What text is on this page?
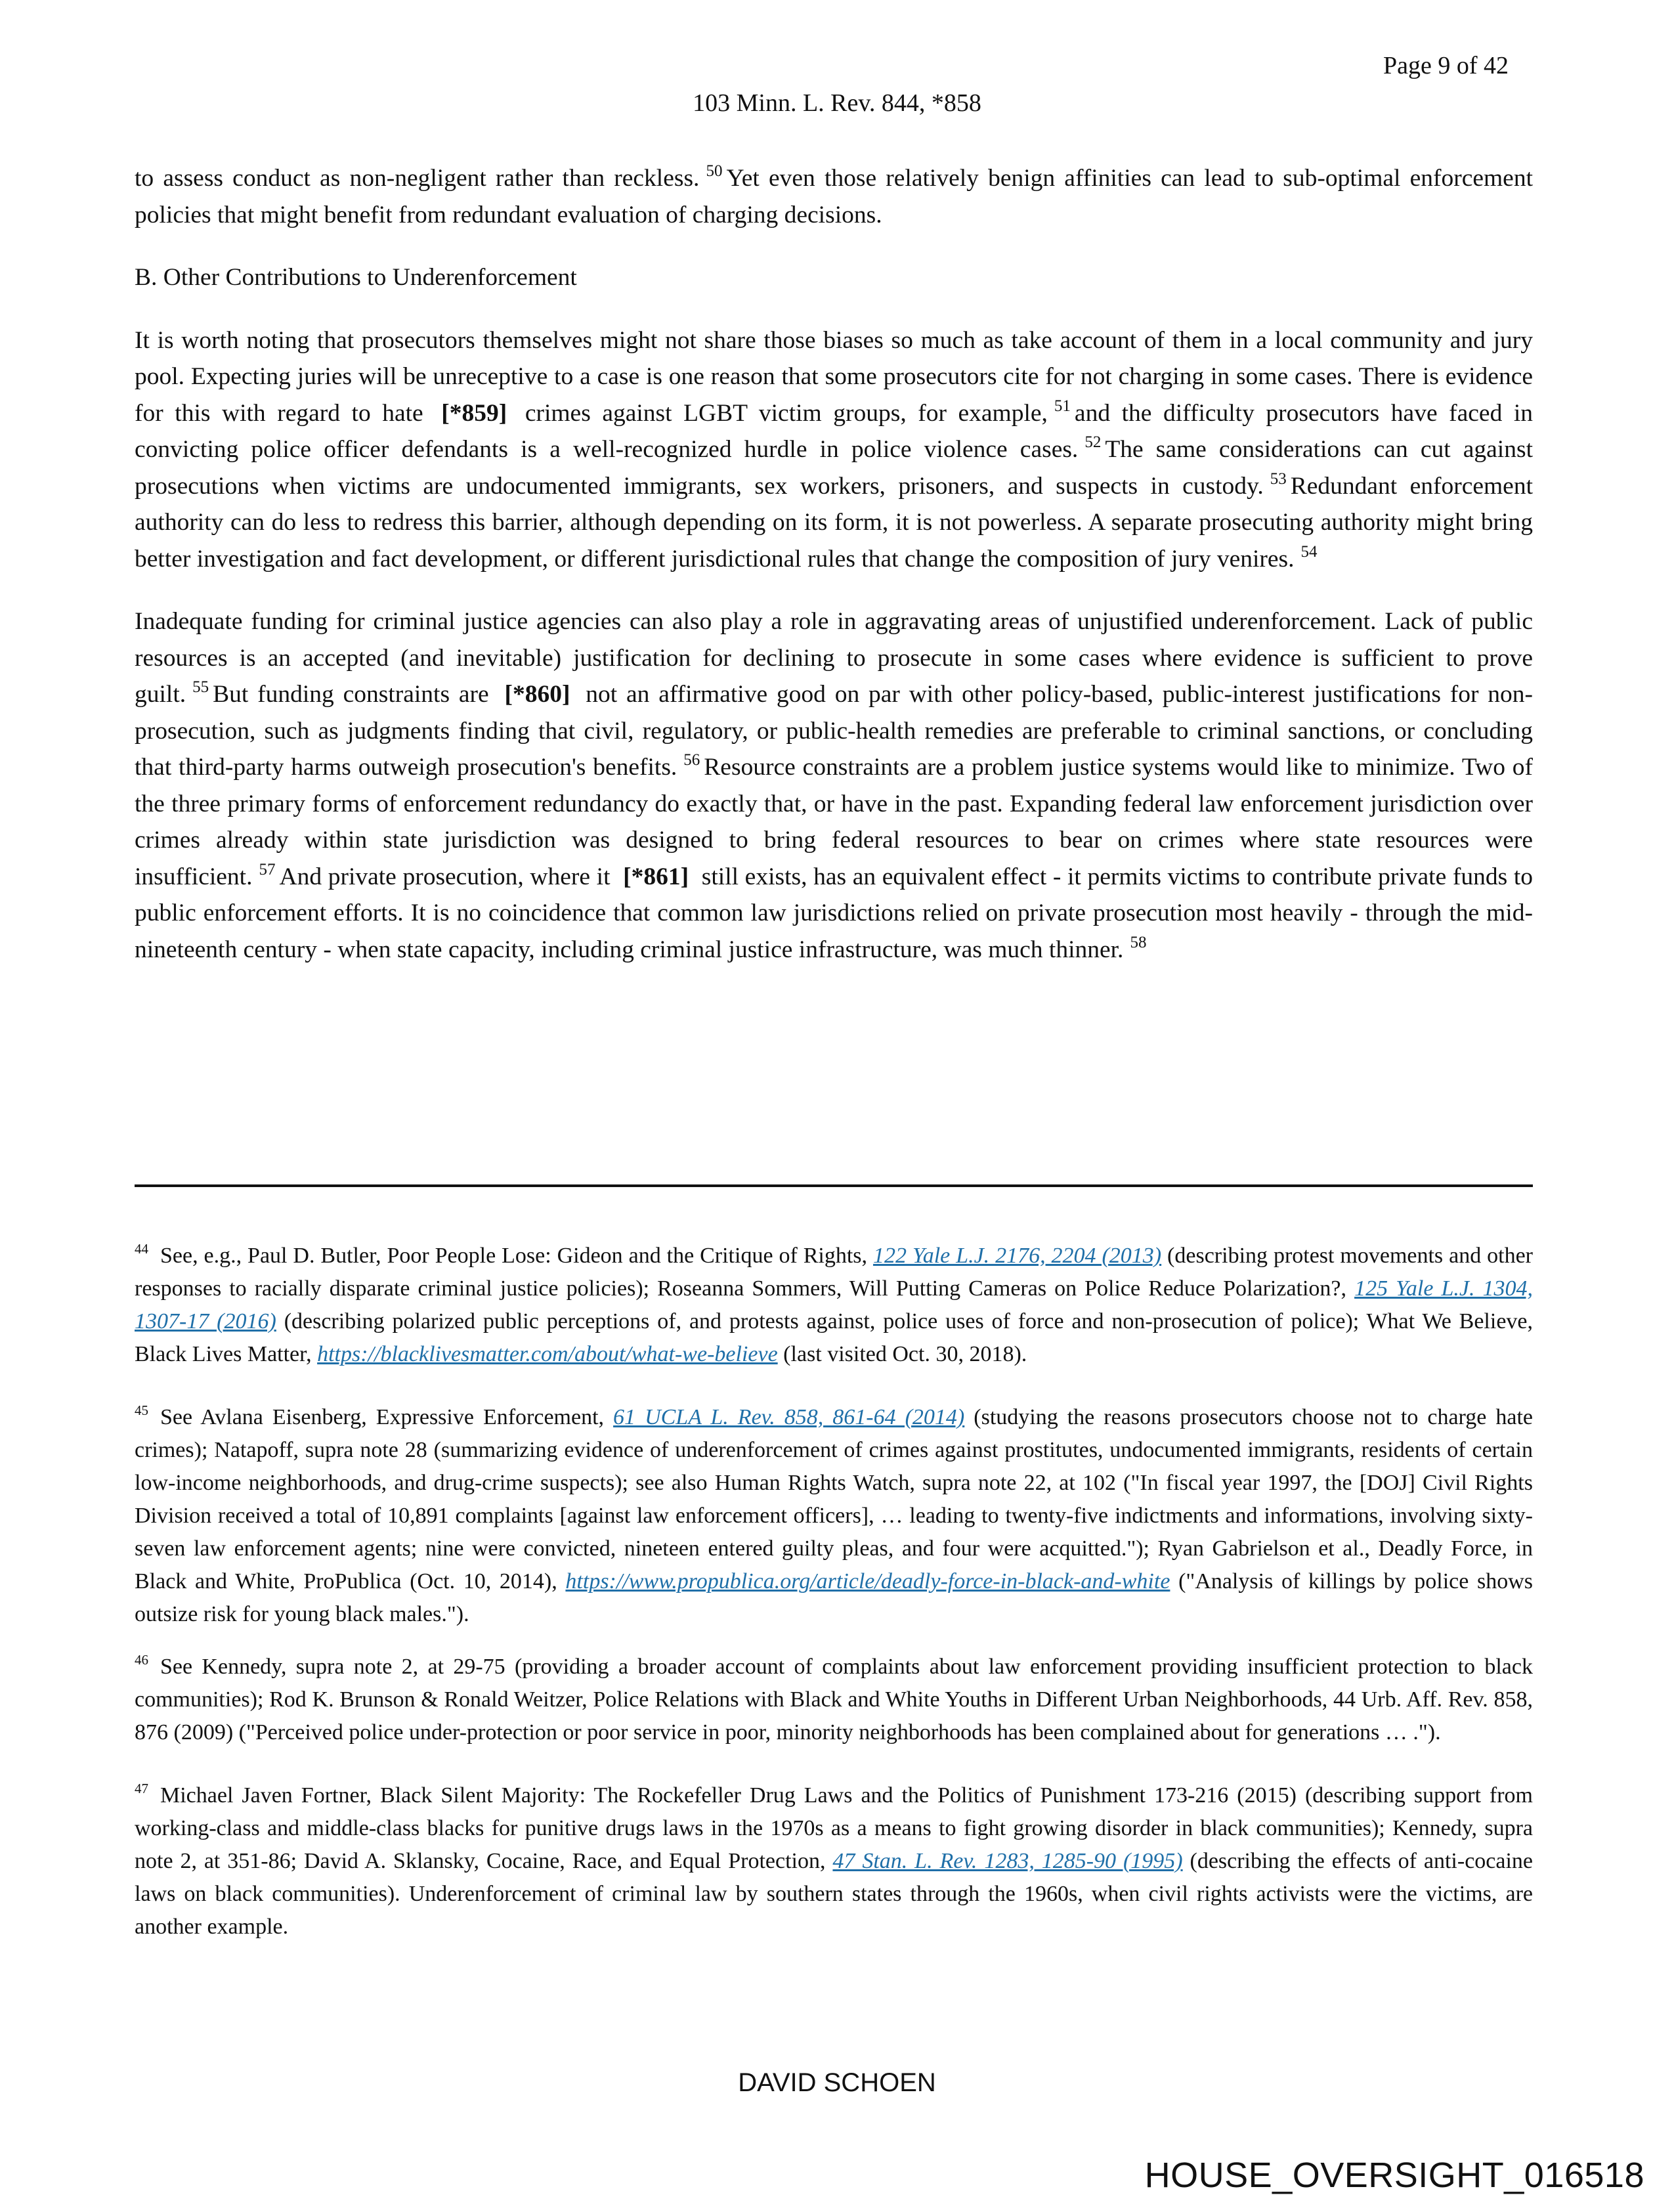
Page 9 of 42
103 Minn. L. Rev. 844, *858

to assess conduct as non-negligent rather than reckless. $^{50}$ Yet even those relatively benign affinities can lead to sub-optimal enforcement policies that might benefit from redundant evaluation of charging decisions.

B. Other Contributions to Underenforcement

It is worth noting that prosecutors themselves might not share those biases so much as take account of them in a local community and jury pool. Expecting juries will be unreceptive to a case is one reason that some prosecutors cite for not charging in some cases. There is evidence for this with regard to hate [*859] crimes against LGBT victim groups, for example, $^{51}$ and the difficulty prosecutors have faced in convicting police officer defendants is a well-recognized hurdle in police violence cases. $^{52}$ The same considerations can cut against prosecutions when victims are undocumented immigrants, sex workers, prisoners, and suspects in custody. $^{53}$ Redundant enforcement authority can do less to redress this barrier, although depending on its form, it is not powerless. A separate prosecuting authority might bring better investigation and fact development, or different jurisdictional rules that change the composition of jury venires. $^{54}$

Inadequate funding for criminal justice agencies can also play a role in aggravating areas of unjustified underenforcement. Lack of public resources is an accepted (and inevitable) justification for declining to prosecute in some cases where evidence is sufficient to prove guilt. $^{55}$ But funding constraints are [*860] not an affirmative good on par with other policy-based, public-interest justifications for non-prosecution, such as judgments finding that civil, regulatory, or public-health remedies are preferable to criminal sanctions, or concluding that third-party harms outweigh prosecution's benefits. $^{56}$ Resource constraints are a problem justice systems would like to minimize. Two of the three primary forms of enforcement redundancy do exactly that, or have in the past. Expanding federal law enforcement jurisdiction over crimes already within state jurisdiction was designed to bring federal resources to bear on crimes where state resources were insufficient. $^{57}$ And private prosecution, where it [*861] still exists, has an equivalent effect - it permits victims to contribute private funds to public enforcement efforts. It is no coincidence that common law jurisdictions relied on private prosecution most heavily - through the mid-nineteenth century - when state capacity, including criminal justice infrastructure, was much thinner. $^{58}$

$^{44}$ See, e.g., Paul D. Butler, Poor People Lose: Gideon and the Critique of Rights, 122 Yale L.J. 2176, 2204 (2013) (describing protest movements and other responses to racially disparate criminal justice policies); Roseanna Sommers, Will Putting Cameras on Police Reduce Polarization?, 125 Yale L.J. 1304, 1307-17 (2016) (describing polarized public perceptions of, and protests against, police uses of force and non-prosecution of police); What We Believe, Black Lives Matter, https://blacklivesmatter.com/about/what-we-believe (last visited Oct. 30, 2018).
$^{45}$ See Avlana Eisenberg, Expressive Enforcement, 61 UCLA L. Rev. 858, 861-64 (2014) (studying the reasons prosecutors choose not to charge hate crimes); Natapoff, supra note 28 (summarizing evidence of underenforcement of crimes against prostitutes, undocumented immigrants, residents of certain low-income neighborhoods, and drug-crime suspects); see also Human Rights Watch, supra note 22, at 102 ("In fiscal year 1997, the [DOJ] Civil Rights Division received a total of 10,891 complaints [against law enforcement officers], … leading to twenty-five indictments and informations, involving sixty-seven law enforcement agents; nine were convicted, nineteen entered guilty pleas, and four were acquitted."); Ryan Gabrielson et al., Deadly Force, in Black and White, ProPublica (Oct. 10, 2014), https://www.propublica.org/article/deadly-force-in-black-and-white ("Analysis of killings by police shows outsize risk for young black males.").
$^{46}$ See Kennedy, supra note 2, at 29-75 (providing a broader account of complaints about law enforcement providing insufficient protection to black communities); Rod K. Brunson & Ronald Weitzer, Police Relations with Black and White Youths in Different Urban Neighborhoods, 44 Urb. Aff. Rev. 858, 876 (2009) ("Perceived police under-protection or poor service in poor, minority neighborhoods has been complained about for generations … .").
$^{47}$ Michael Javen Fortner, Black Silent Majority: The Rockefeller Drug Laws and the Politics of Punishment 173-216 (2015) (describing support from working-class and middle-class blacks for punitive drugs laws in the 1970s as a means to fight growing disorder in black communities); Kennedy, supra note 2, at 351-86; David A. Sklansky, Cocaine, Race, and Equal Protection, 47 Stan. L. Rev. 1283, 1285-90 (1995) (describing the effects of anti-cocaine laws on black communities). Underenforcement of criminal law by southern states through the 1960s, when civil rights activists were the victims, are another example.
DAVID SCHOEN
HOUSE_OVERSIGHT_016518
